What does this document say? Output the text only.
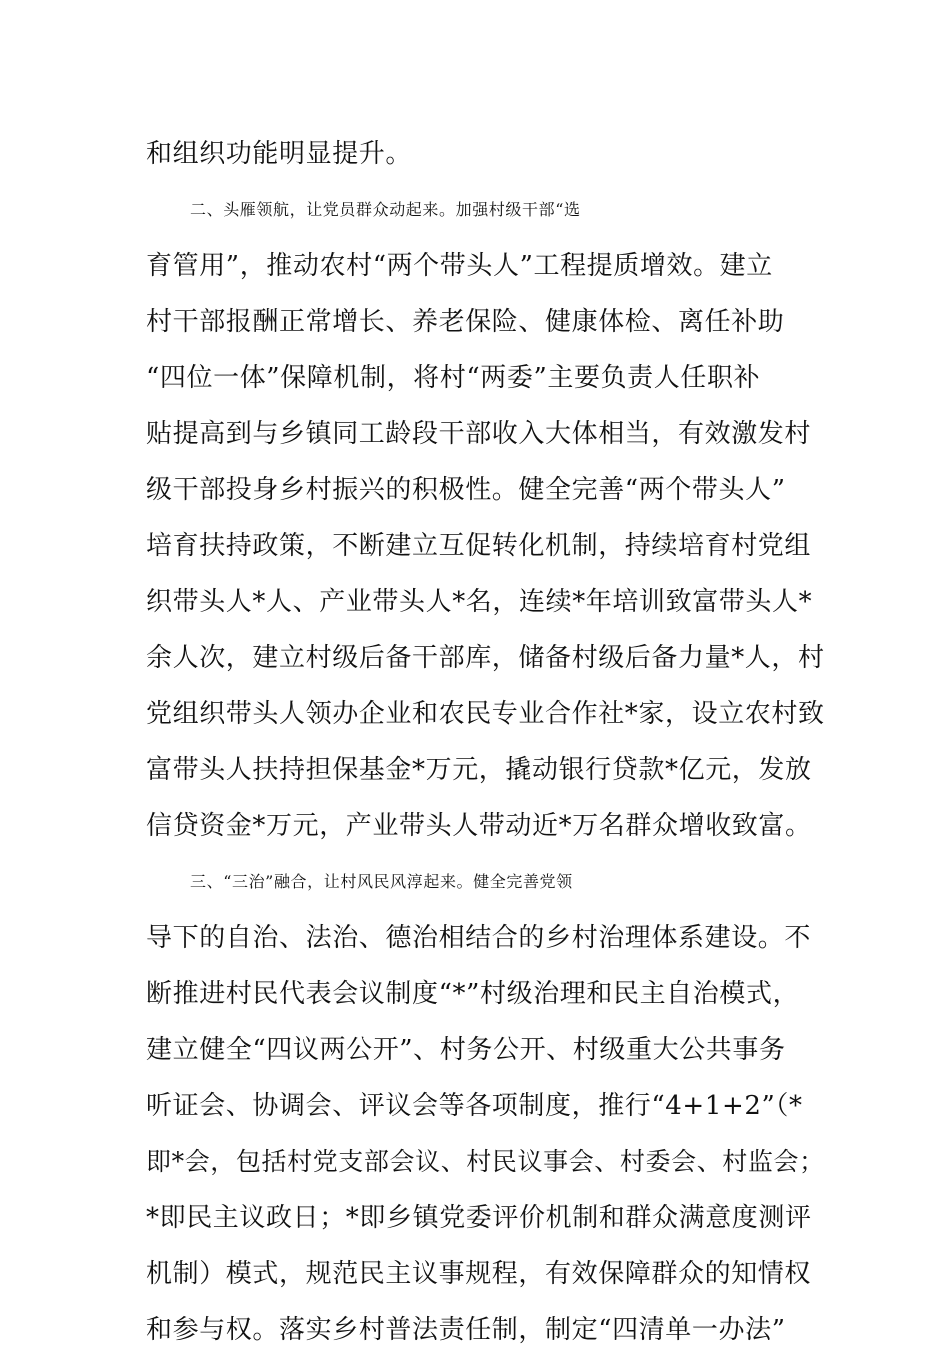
和组织功能明显提升。
二、头雁领航，让党员群众动起来。加强村级干部“选
育管用”，推动农村“两个带头人”工程提质增效。建立
村干部报酬正常增长、养老保险、健康体检、离任补助
“四位一体”保障机制，将村“两委”主要负责人任职补
贴提高到与乡镇同工龄段干部收入大体相当，有效激发村
级干部投身乡村振兴的积极性。健全完善“两个带头人”
培育扶持政策，不断建立互促转化机制，持续培育村党组
织带头人*人、产业带头人*名，连续*年培训致富带头人*
余人次，建立村级后备干部库，储备村级后备力量*人，村
党组织带头人领办企业和农民专业合作社*家，设立农村致
富带头人扶持担保基金*万元，撬动银行贷款*亿元，发放
信贷资金*万元，产业带头人带动近*万名群众增收致富。
三、“三治”融合，让村风民风淳起来。健全完善党领
导下的自治、法治、德治相结合的乡村治理体系建设。不
断推进村民代表会议制度“*”村级治理和民主自治模式，
建立健全“四议两公开”、村务公开、村级重大公共事务
听证会、协调会、评议会等各项制度，推行“4+1+2”（*
即*会，包括村党支部会议、村民议事会、村委会、村监会；
*即民主议政日；*即乡镇党委评价机制和群众满意度测评
机制）模式，规范民主议事规程，有效保障群众的知情权
和参与权。落实乡村普法责任制，制定“四清单一办法”
